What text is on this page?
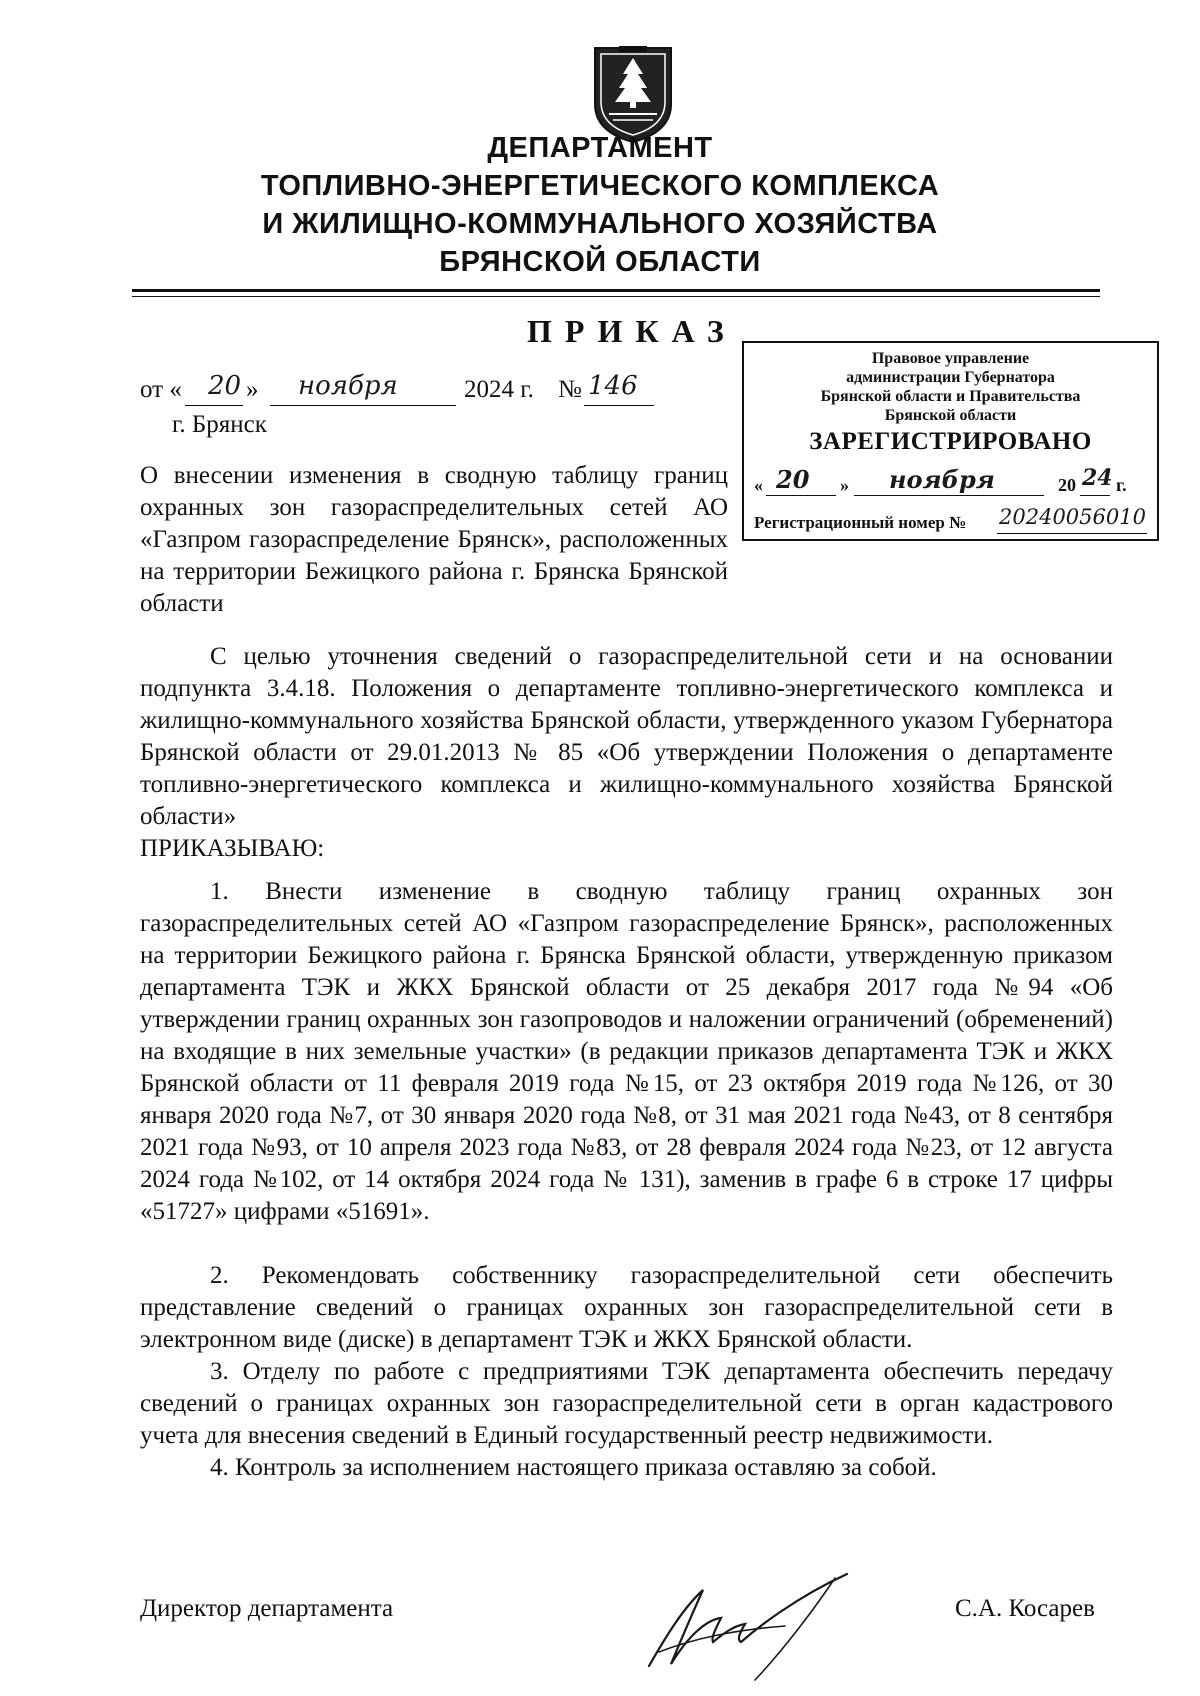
ДЕПАРТАМЕНТ
ТОПЛИВНО-ЭНЕРГЕТИЧЕСКОГО КОМПЛЕКСА
И ЖИЛИЩНО-КОММУНАЛЬНОГО ХОЗЯЙСТВА
БРЯНСКОЙ ОБЛАСТИ
ПРИКАЗ
от « 20 » ноября	2024 г. № 146
г. Брянск
О внесении изменения в сводную таблицу границ охранных зон газораспределительных сетей АО «Газпром газораспределение Брянск», расположенных на территории Бежицкого района г. Брянска Брянской области
Правовое управление
администрации Губернатора
Брянской области и Правительства
Брянской области
ЗАРЕГИСТРИРОВАНО
« 20 » ноября	20 24 г.
Регистрационный номер № 20240056010
С целью уточнения сведений о газораспределительной сети и на основании подпункта 3.4.18. Положения о департаменте топливно-энергетического комплекса и жилищно-коммунального хозяйства Брянской области, утвержденного указом Губернатора Брянской области от 29.01.2013 № 85 «Об утверждении Положения о департаменте топливно-энергетического комплекса и жилищно-коммунального хозяйства Брянской области»
ПРИКАЗЫВАЮ:
1. Внести изменение в сводную таблицу границ охранных зон газораспределительных сетей АО «Газпром газораспределение Брянск», расположенных на территории Бежицкого района г. Брянска Брянской области, утвержденную приказом департамента ТЭК и ЖКХ Брянской области от 25 декабря 2017 года №94 «Об утверждении границ охранных зон газопроводов и наложении ограничений (обременений) на входящие в них земельные участки» (в редакции приказов департамента ТЭК и ЖКХ Брянской области от 11 февраля 2019 года №15, от 23 октября 2019 года №126, от 30 января 2020 года №7, от 30 января 2020 года №8, от 31 мая 2021 года №43, от 8 сентября 2021 года №93, от 10 апреля 2023 года №83, от 28 февраля 2024 года №23, от 12 августа 2024 года №102, от 14 октября 2024 года № 131), заменив в графе 6 в строке 17 цифры «51727» цифрами «51691».
2. Рекомендовать собственнику газораспределительной сети обеспечить представление сведений о границах охранных зон газораспределительной сети в электронном виде (диске) в департамент ТЭК и ЖКХ Брянской области.
3. Отделу по работе с предприятиями ТЭК департамента обеспечить передачу сведений о границах охранных зон газораспределительной сети в орган кадастрового учета для внесения сведений в Единый государственный реестр недвижимости.
4. Контроль за исполнением настоящего приказа оставляю за собой.
Директор департамента	С.А. Косарев
